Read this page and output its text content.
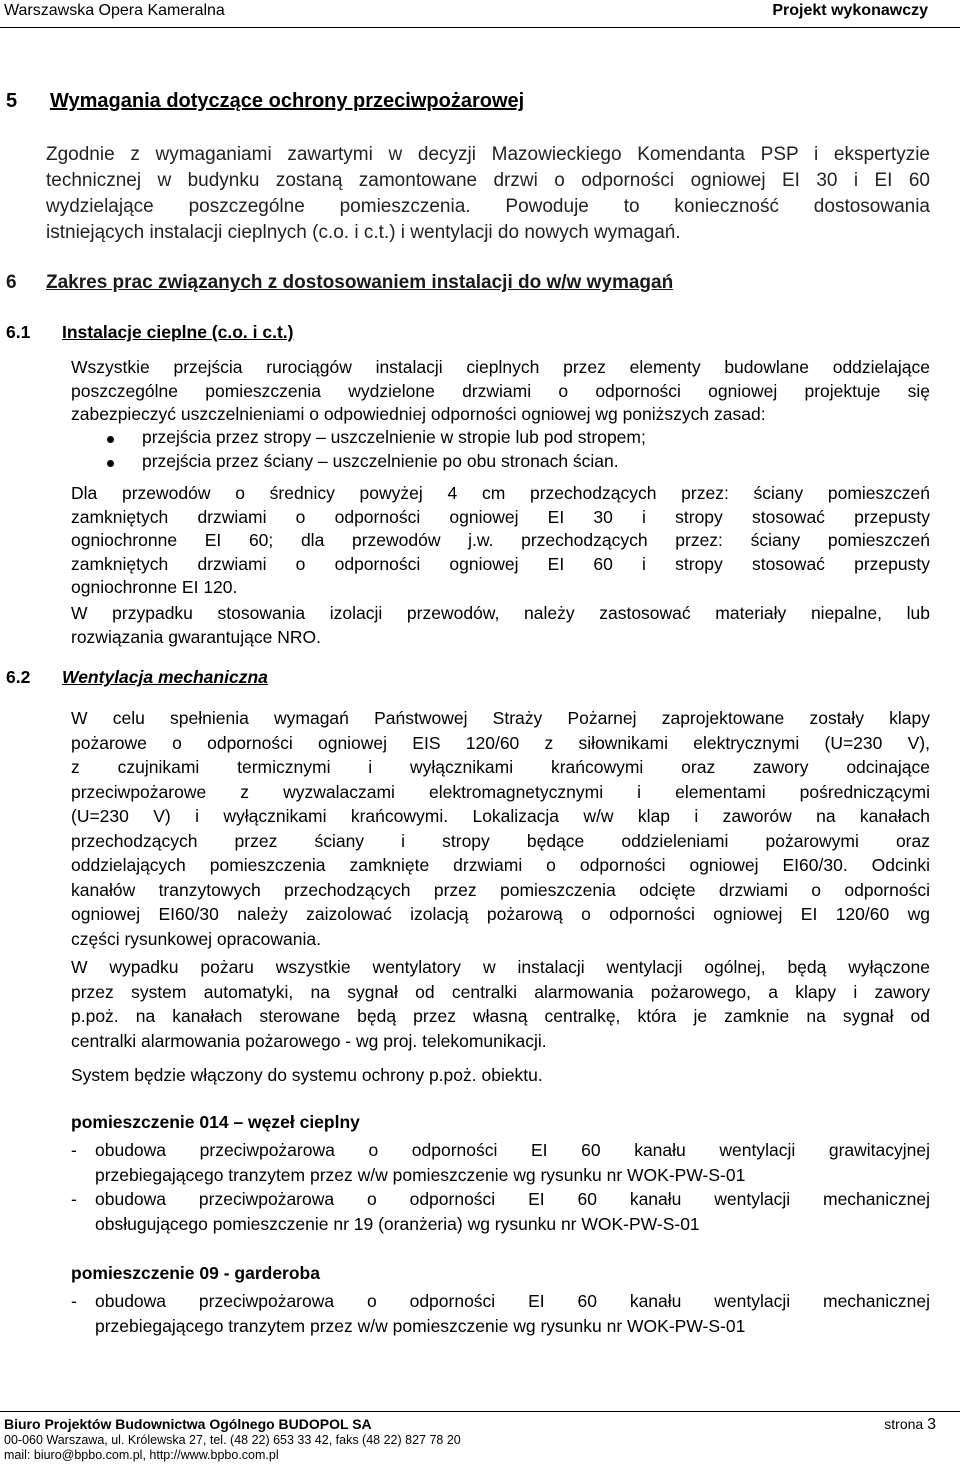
Warszawska Opera Kameralna	Projekt wykonawczy
5 Wymagania dotyczące ochrony przeciwpożarowej
Zgodnie z wymaganiami zawartymi w decyzji Mazowieckiego Komendanta PSP i ekspertyzie
technicznej w budynku zostaną zamontowane drzwi o odporności ogniowej EI 30 i EI 60
wydzielające poszczególne pomieszczenia. Powoduje to konieczność dostosowania
istniejących instalacji cieplnych (c.o. i c.t.) i wentylacji do nowych wymagań.
6 Zakres prac związanych z dostosowaniem instalacji do w/w wymagań
6.1 Instalacje cieplne (c.o. i c.t.)
Wszystkie przejścia rurociągów instalacji cieplnych przez elementy budowlane oddzielające
poszczególne pomieszczenia wydzielone drzwiami o odporności ogniowej projektuje się
zabezpieczyć uszczelnieniami o odpowiedniej odporności ogniowej wg poniższych zasad:
przejścia przez stropy – uszczelnienie w stropie lub pod stropem;
przejścia przez ściany – uszczelnienie po obu stronach ścian.
Dla przewodów o średnicy powyżej 4 cm przechodzących przez: ściany pomieszczeń
zamkniętych drzwiami o odporności ogniowej EI 30 i stropy stosować przepusty
ogniochronne EI 60; dla przewodów j.w. przechodzących przez: ściany pomieszczeń
zamkniętych drzwiami o odporności ogniowej EI 60 i stropy stosować przepusty
ogniochronne EI 120.
W przypadku stosowania izolacji przewodów, należy zastosować materiały niepalne, lub
rozwiązania gwarantujące NRO.
6.2 Wentylacja mechaniczna
W celu spełnienia wymagań Państwowej Straży Pożarnej zaprojektowane zostały klapy
pożarowe o odporności ogniowej EIS 120/60 z siłownikami elektrycznymi (U=230 V),
z czujnikami termicznymi i wyłącznikami krańcowymi oraz zawory odcinające
przeciwpożarowe z wyzwalaczami elektromagnetycznymi i elementami pośredniczącymi
(U=230 V) i wyłącznikami krańcowymi. Lokalizacja w/w klap i zaworów na kanałach
przechodzących przez ściany i stropy będące oddzieleniami pożarowymi oraz
oddzielających pomieszczenia zamknięte drzwiami o odporności ogniowej EI60/30. Odcinki
kanałów tranzytowych przechodzących przez pomieszczenia odcięte drzwiami o odporności
ogniowej EI60/30 należy zaizolować izolacją pożarową o odporności ogniowej EI 120/60 wg
części rysunkowej opracowania.
W wypadku pożaru wszystkie wentylatory w instalacji wentylacji ogólnej, będą wyłączone
przez system automatyki, na sygnał od centralki alarmowania pożarowego, a klapy i zawory
p.poż. na kanałach sterowane będą przez własną centralkę, która je zamknie na sygnał od
centralki alarmowania pożarowego - wg proj. telekomunikacji.
System będzie włączony do systemu ochrony p.poż. obiektu.
pomieszczenie 014 – węzeł cieplny
- obudowa przeciwpożarowa o odporności EI 60 kanału wentylacji grawitacyjnej
przebiegającego tranzytem przez w/w pomieszczenie wg rysunku nr WOK-PW-S-01
- obudowa przeciwpożarowa o odporności EI 60 kanału wentylacji mechanicznej
obsługującego pomieszczenie nr 19 (oranżeria) wg rysunku nr WOK-PW-S-01
pomieszczenie 09 - garderoba
- obudowa przeciwpożarowa o odporności EI 60 kanału wentylacji mechanicznej
przebiegającego tranzytem przez w/w pomieszczenie wg rysunku nr WOK-PW-S-01
Biuro Projektów Budownictwa Ogólnego BUDOPOL SA	strona 3
00-060 Warszawa, ul. Królewska 27, tel. (48 22) 653 33 42, faks (48 22) 827 78 20
mail: biuro@bpbo.com.pl, http://www.bpbo.com.pl
